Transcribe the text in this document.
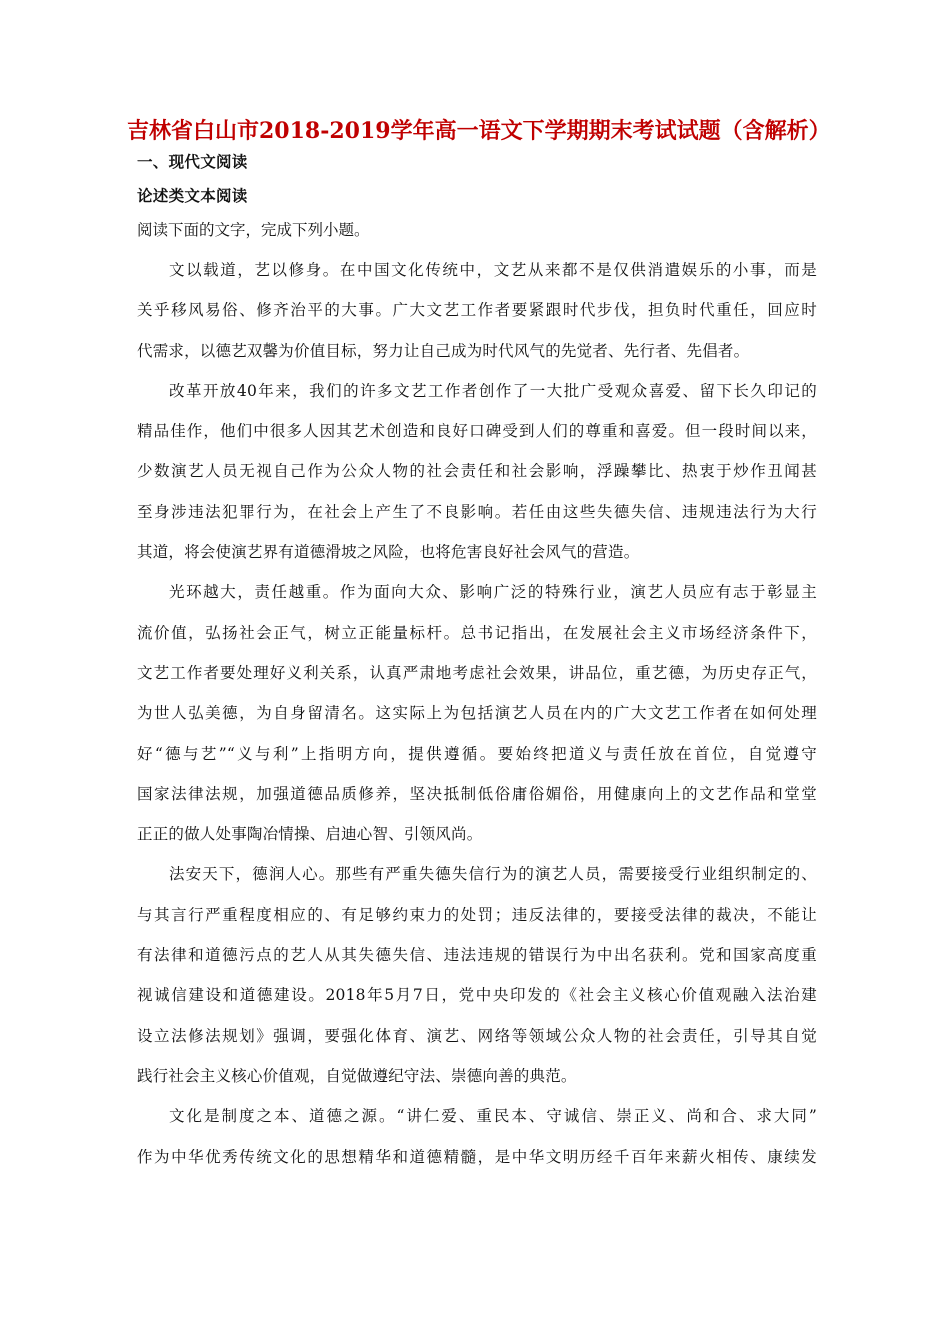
吉林省白山市2018-2019学年高一语文下学期期末考试试题（含解析）
一、现代文阅读
论述类文本阅读
阅读下面的文字，完成下列小题。

文以载道，艺以修身。在中国文化传统中，文艺从来都不是仅供消遣娱乐的小事，而是
关乎移风易俗、修齐治平的大事。广大文艺工作者要紧跟时代步伐，担负时代重任，回应时
代需求，以德艺双馨为价值目标，努力让自己成为时代风气的先觉者、先行者、先倡者。

改革开放40年来，我们的许多文艺工作者创作了一大批广受观众喜爱、留下长久印记的
精品佳作，他们中很多人因其艺术创造和良好口碑受到人们的尊重和喜爱。但一段时间以来，
少数演艺人员无视自己作为公众人物的社会责任和社会影响，浮躁攀比、热衷于炒作丑闻甚
至身涉违法犯罪行为，在社会上产生了不良影响。若任由这些失德失信、违规违法行为大行
其道，将会使演艺界有道德滑坡之风险，也将危害良好社会风气的营造。

光环越大，责任越重。作为面向大众、影响广泛的特殊行业，演艺人员应有志于彰显主
流价值，弘扬社会正气，树立正能量标杆。总书记指出，在发展社会主义市场经济条件下，
文艺工作者要处理好义利关系，认真严肃地考虑社会效果，讲品位，重艺德，为历史存正气，
为世人弘美德，为自身留清名。这实际上为包括演艺人员在内的广大文艺工作者在如何处理
好“德与艺”“义与利”上指明方向，提供遵循。要始终把道义与责任放在首位，自觉遵守
国家法律法规，加强道德品质修养，坚决抵制低俗庸俗媚俗，用健康向上的文艺作品和堂堂
正正的做人处事陶冶情操、启迪心智、引领风尚。

法安天下，德润人心。那些有严重失德失信行为的演艺人员，需要接受行业组织制定的、
与其言行严重程度相应的、有足够约束力的处罚；违反法律的，要接受法律的裁决，不能让
有法律和道德污点的艺人从其失德失信、违法违规的错误行为中出名获利。党和国家高度重
视诚信建设和道德建设。2018年5月7日，党中央印发的《社会主义核心价值观融入法治建
设立法修法规划》强调，要强化体育、演艺、网络等领域公众人物的社会责任，引导其自觉
践行社会主义核心价值观，自觉做遵纪守法、崇德向善的典范。

文化是制度之本、道德之源。“讲仁爱、重民本、守诚信、崇正义、尚和合、求大同”
作为中华优秀传统文化的思想精华和道德精髓，是中华文明历经千百年来薪火相传、康续发
